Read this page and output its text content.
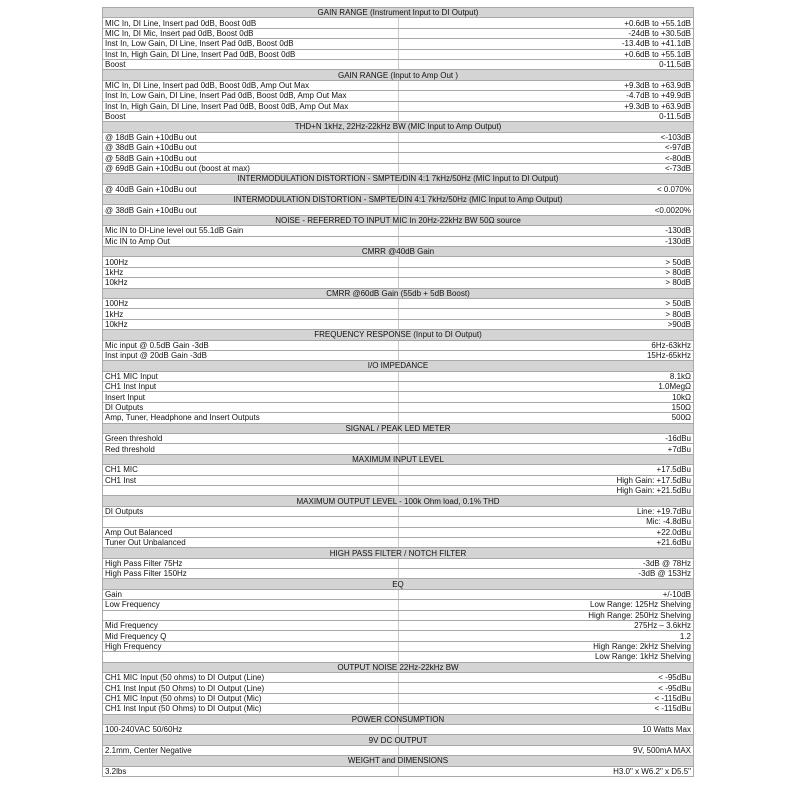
GAIN RANGE (Instrument Input to DI Output)	
MIC In, DI Line, Insert pad 0dB, Boost 0dB	+0.6dB to +55.1dB
MIC In, DI Mic, Insert pad 0dB, Boost 0dB	-24dB to +30.5dB
Inst In, Low Gain, DI Line, Insert Pad 0dB, Boost 0dB	-13.4dB to +41.1dB
Inst In, High Gain, DI Line, Insert Pad 0dB, Boost 0dB	+0.6dB to +55.1dB
Boost	0-11.5dB
GAIN RANGE (Input to Amp Out )	
MIC In, DI Line, Insert pad 0dB, Boost 0dB, Amp Out Max	+9.3dB to +63.9dB
Inst In, Low Gain, DI Line, Insert Pad 0dB, Boost 0dB, Amp Out Max	-4.7dB to +49.9dB
Inst In, High Gain, DI Line, Insert Pad 0dB, Boost 0dB, Amp Out Max	+9.3dB to +63.9dB
Boost	0-11.5dB
THD+N 1kHz, 22Hz-22kHz BW (MIC Input to Amp Output)	
@ 18dB Gain +10dBu out	<-103dB
@ 38dB Gain +10dBu out	<-97dB
@ 58dB Gain +10dBu out	<-80dB
@ 69dB Gain +10dBu out (boost at max)	<-73dB
INTERMODULATION DISTORTION - SMPTE/DIN 4:1 7kHz/50Hz (MIC Input to DI Output)	
@ 40dB Gain +10dBu out	< 0.070%
INTERMODULATION DISTORTION - SMPTE/DIN 4:1 7kHz/50Hz (MIC Input to Amp Output)	
@ 38dB Gain +10dBu out	<0.0020%
NOISE - REFERRED TO INPUT MIC In 20Hz-22kHz BW 50Ω source	
Mic IN to DI-Line level out 55.1dB Gain	-130dB
Mic IN to Amp Out	-130dB
CMRR @40dB Gain	
100Hz	> 50dB
1kHz	> 80dB
10kHz	> 80dB
CMRR @60dB Gain (55db + 5dB Boost)	
100Hz	> 50dB
1kHz	> 80dB
10kHz	>90dB
FREQUENCY RESPONSE (Input to DI Output)	
Mic input @ 0.5dB Gain -3dB	6Hz-63kHz
Inst input @ 20dB Gain -3dB	15Hz-65kHz
I/O IMPEDANCE	
CH1 MIC Input	8.1kΩ
CH1 Inst Input	1.0MegΩ
Insert Input	10kΩ
DI Outputs	150Ω
Amp, Tuner, Headphone and Insert Outputs	500Ω
SIGNAL / PEAK LED METER	
Green threshold	-16dBu
Red threshold	+7dBu
MAXIMUM INPUT LEVEL	
CH1 MIC	+17.5dBu
CH1 Inst	High Gain: +17.5dBu
	High Gain: +21.5dBu
MAXIMUM OUTPUT LEVEL - 100k Ohm load, 0.1% THD	
DI Outputs	Line: +19.7dBu
	Mic: -4.8dBu
Amp Out Balanced	+22.0dBu
Tuner Out Unbalanced	+21.6dBu
HIGH PASS FILTER / NOTCH FILTER	
High Pass Filter 75Hz	-3dB @ 78Hz
High Pass Filter 150Hz	-3dB @ 153Hz
EQ	
Gain	+/-10dB
Low Frequency	Low Range: 125Hz Shelving
	High Range: 250Hz Shelving
Mid Frequency	275Hz – 3.6kHz
Mid Frequency Q	1.2
High Frequency	High Range: 2kHz Shelving
	Low Range: 1kHz Shelving
OUTPUT NOISE 22Hz-22kHz BW	
CH1 MIC Input (50 ohms) to DI Output (Line)	< -95dBu
CH1 Inst Input (50 Ohms) to DI Output (Line)	< -95dBu
CH1 MIC Input (50 ohms) to DI Output (Mic)	< -115dBu
CH1 Inst Input (50 Ohms) to DI Output (Mic)	< -115dBu
POWER CONSUMPTION	
100-240VAC 50/60Hz	10 Watts Max
9V DC OUTPUT	
2.1mm, Center Negative	9V, 500mA MAX
WEIGHT and DIMENSIONS	
3.2lbs	H3.0" x W6.2" x D5.5"
